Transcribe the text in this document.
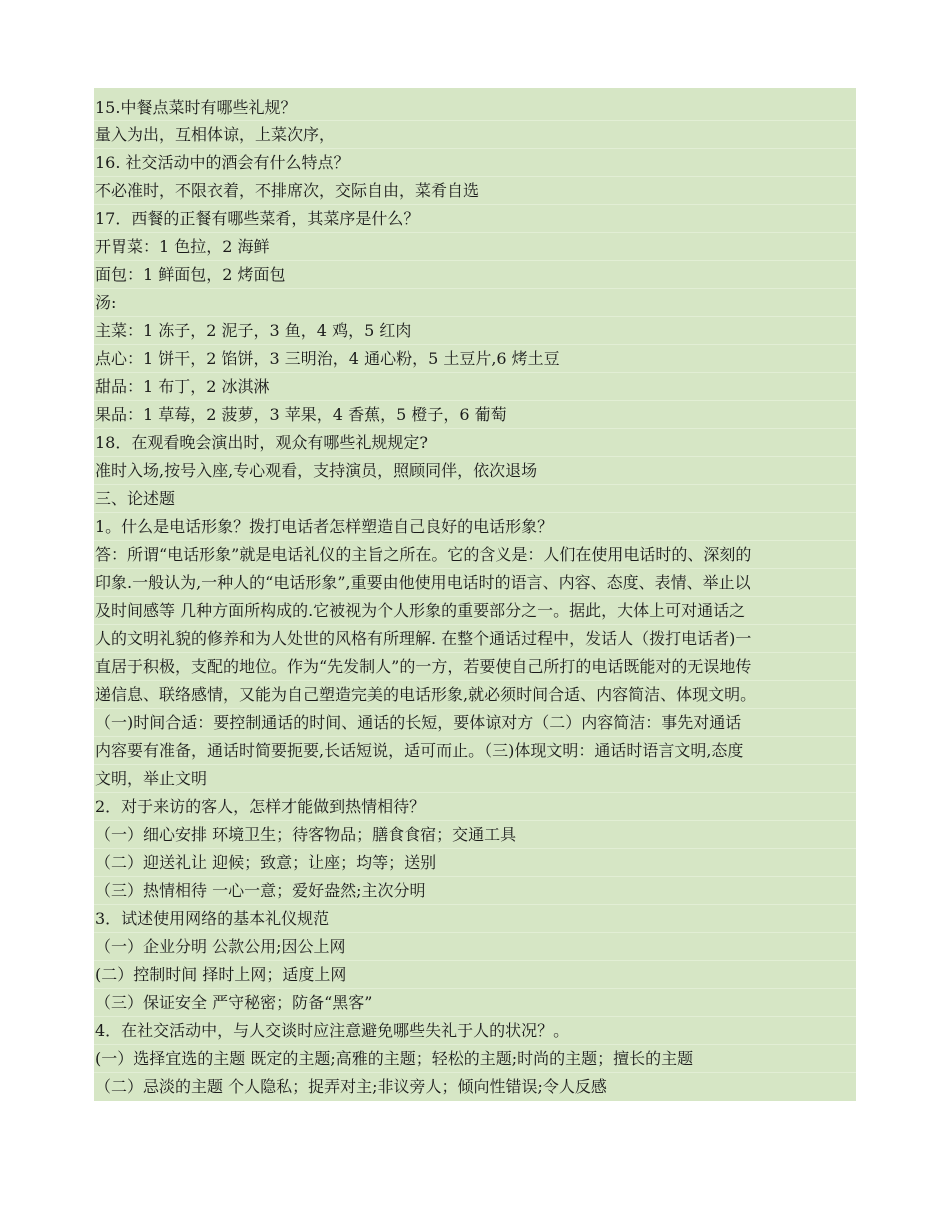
15.中餐点菜时有哪些礼规？
量入为出，互相体谅，上菜次序，
16. 社交活动中的酒会有什么特点？
不必准时，不限衣着，不排席次，交际自由，菜肴自选
17．西餐的正餐有哪些菜肴，其菜序是什么？
开胃菜：1 色拉，2 海鲜
面包：1 鲜面包，2 烤面包
汤:
主菜：1 冻子，2 泥子，3 鱼，4 鸡，5 红肉
点心：1 饼干，2 馅饼，3 三明治，4 通心粉，5 土豆片,6 烤土豆
甜品：1 布丁，2 冰淇淋
果品：1 草莓，2 菠萝，3 苹果，4 香蕉，5 橙子，6 葡萄
18．在观看晚会演出时，观众有哪些礼规规定?
准时入场,按号入座,专心观看，支持演员，照顾同伴，依次退场
三、论述题
1。什么是电话形象？拨打电话者怎样塑造自己良好的电话形象？
答：所谓“电话形象”就是电话礼仪的主旨之所在。它的含义是：人们在使用电话时的、深刻的
印象.一般认为,一种人的“电话形象”,重要由他使用电话时的语言、内容、态度、表情、举止以
及时间感等 几种方面所构成的.它被视为个人形象的重要部分之一。据此，大体上可对通话之
人的文明礼貌的修养和为人处世的风格有所理解. 在整个通话过程中，发话人（拨打电话者)一
直居于积极，支配的地位。作为“先发制人”的一方，若要使自己所打的电话既能对的无误地传
递信息、联络感情，又能为自己塑造完美的电话形象,就必须时间合适、内容简洁、体现文明。
（一)时间合适：要控制通话的时间、通话的长短，要体谅对方（二）内容简洁：事先对通话
内容要有准备，通话时简要扼要,长话短说，适可而止。（三)体现文明：通话时语言文明,态度
文明，举止文明
2．对于来访的客人，怎样才能做到热情相待？
（一）细心安排 环境卫生；待客物品；膳食食宿；交通工具
（二）迎送礼让 迎候；致意；让座；均等；送别
（三）热情相待 一心一意；爱好盎然;主次分明
3．试述使用网络的基本礼仪规范
（一）企业分明 公款公用;因公上网
(二）控制时间 择时上网；适度上网
（三）保证安全 严守秘密；防备“黑客”
4．在社交活动中，与人交谈时应注意避免哪些失礼于人的状况？。
(一）选择宜选的主题 既定的主题;高雅的主题；轻松的主题;时尚的主题；擅长的主题
（二）忌淡的主题 个人隐私；捉弄对主;非议旁人；倾向性错误;令人反感
